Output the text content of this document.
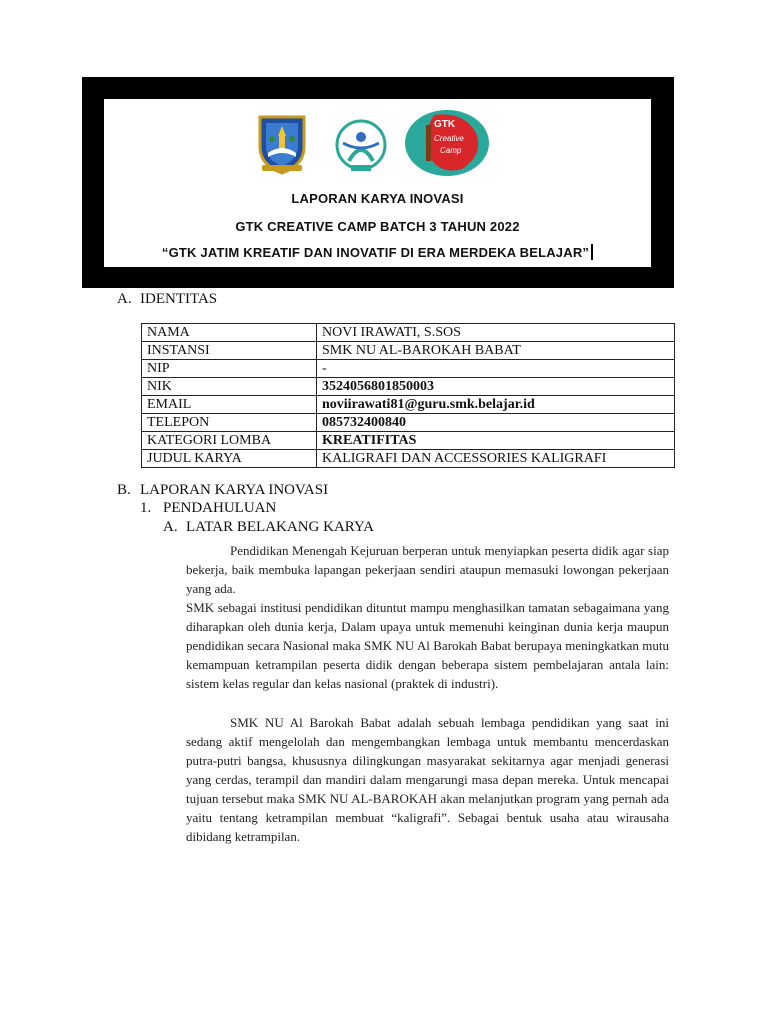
GTK
Creative
Camp
LAPORAN KARYA INOVASI
GTK CREATIVE CAMP BATCH 3 TAHUN 2022
“GTK JATIM KREATIF DAN INOVATIF DI ERA MERDEKA BELAJAR”
A. IDENTITAS
NAMA	NOVI IRAWATI, S.SOS
INSTANSI	SMK NU AL-BAROKAH BABAT
NIP	-
NIK	3524056801850003
EMAIL	noviirawati81@guru.smk.belajar.id
TELEPON	085732400840
KATEGORI LOMBA	KREATIFITAS
JUDUL KARYA	KALIGRAFI DAN ACCESSORIES KALIGRAFI
B. LAPORAN KARYA INOVASI
1. PENDAHULUAN
A. LATAR BELAKANG KARYA

Pendidikan Menengah Kejuruan berperan untuk menyiapkan peserta didik agar siap bekerja, baik membuka lapangan pekerjaan sendiri ataupun memasuki lowongan pekerjaan yang ada.

SMK sebagai institusi pendidikan dituntut mampu menghasilkan tamatan sebagaimana yang diharapkan oleh dunia kerja, Dalam upaya untuk memenuhi keinginan dunia kerja maupun pendidikan secara Nasional maka SMK NU Al Barokah Babat berupaya meningkatkan mutu kemampuan ketrampilan peserta didik dengan beberapa sistem pembelajaran antala lain: sistem kelas regular dan kelas nasional (praktek di industri).

SMK NU Al Barokah Babat adalah sebuah lembaga pendidikan yang saat ini sedang aktif mengelolah dan mengembangkan lembaga untuk membantu mencerdaskan putra-putri bangsa, khususnya dilingkungan masyarakat sekitarnya agar menjadi generasi yang cerdas, terampil dan mandiri dalam mengarungi masa depan mereka. Untuk mencapai tujuan tersebut maka SMK NU AL-BAROKAH akan melanjutkan program yang pernah ada yaitu tentang ketrampilan membuat “kaligrafi”. Sebagai bentuk usaha atau wirausaha dibidang ketrampilan.
